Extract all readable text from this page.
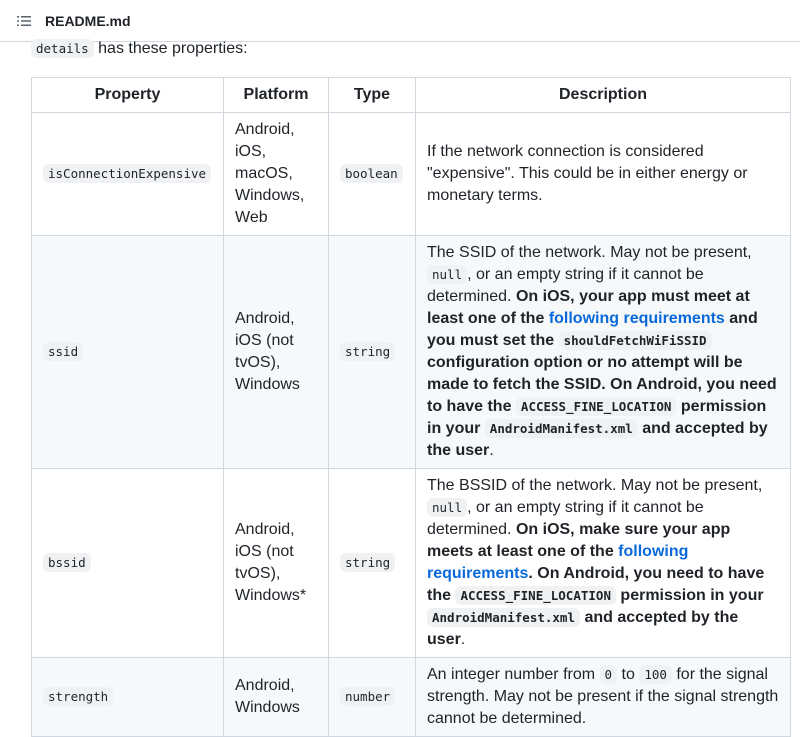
README.md
details has these properties:
Property	Platform	Type	Description
isConnectionExpensive	Android, iOS, macOS, Windows, Web	boolean	If the network connection is considered "expensive". This could be in either energy or monetary terms.
ssid	Android, iOS (not tvOS), Windows	string	The SSID of the network. May not be present, null , or an empty string if it cannot be determined. On iOS, your app must meet at least one of the following requirements and you must set the shouldFetchWiFiSSID configuration option or no attempt will be made to fetch the SSID. On Android, you need to have the ACCESS_FINE_LOCATION permission in your AndroidManifest.xml and accepted by the user.
bssid	Android, iOS (not tvOS), Windows*	string	The BSSID of the network. May not be present, null , or an empty string if it cannot be determined. On iOS, make sure your app meets at least one of the following requirements. On Android, you need to have the ACCESS_FINE_LOCATION permission in your AndroidManifest.xml and accepted by the user.
strength	Android, Windows	number	An integer number from 0 to 100 for the signal strength. May not be present if the signal strength cannot be determined.
